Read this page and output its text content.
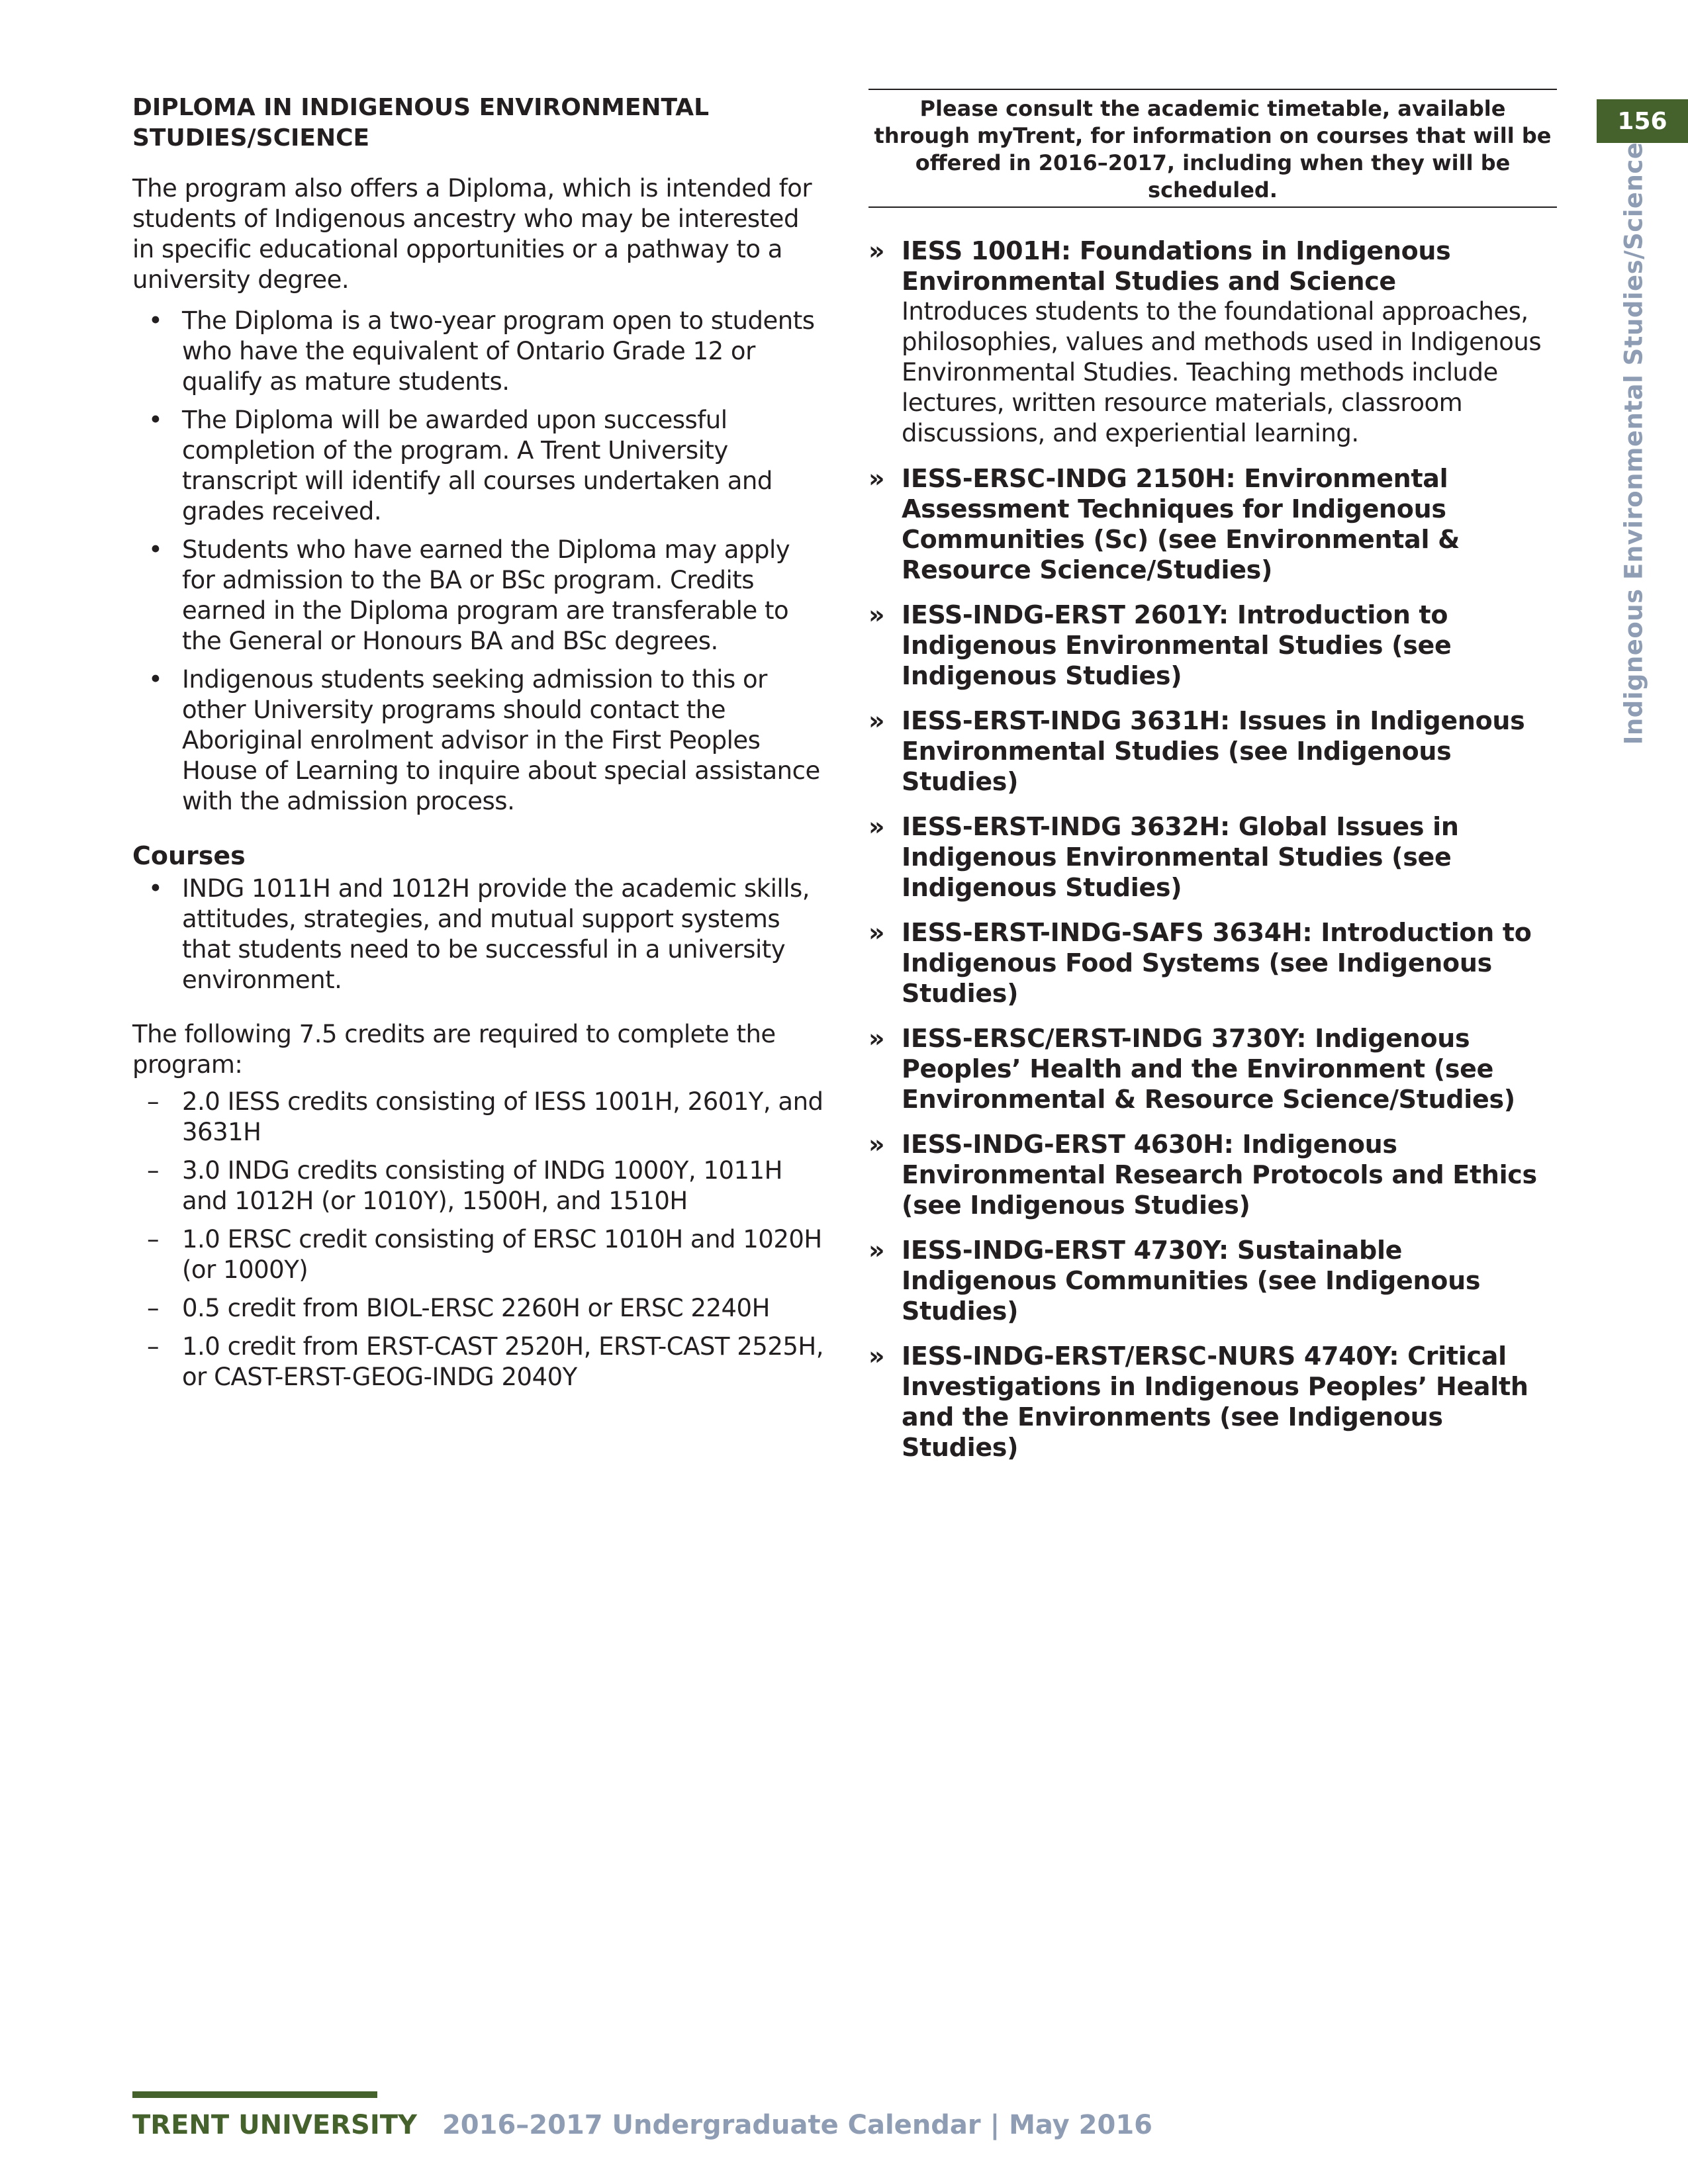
DIPLOMA IN INDIGENOUS ENVIRONMENTAL STUDIES/SCIENCE

The program also offers a Diploma, which is intended for students of Indigenous ancestry who may be interested in specific educational opportunities or a pathway to a university degree.

• The Diploma is a two-year program open to students who have the equivalent of Ontario Grade 12 or qualify as mature students.
• The Diploma will be awarded upon successful completion of the program. A Trent University transcript will identify all courses undertaken and grades received.
• Students who have earned the Diploma may apply for admission to the BA or BSc program. Credits earned in the Diploma program are transferable to the General or Honours BA and BSc degrees.
• Indigenous students seeking admission to this or other University programs should contact the Aboriginal enrolment advisor in the First Peoples House of Learning to inquire about special assistance with the admission process.
Courses
• INDG 1011H and 1012H provide the academic skills, attitudes, strategies, and mutual support systems that students need to be successful in a university environment.

The following 7.5 credits are required to complete the program:

– 2.0 IESS credits consisting of IESS 1001H, 2601Y, and 3631H
– 3.0 INDG credits consisting of INDG 1000Y, 1011H and 1012H (or 1010Y), 1500H, and 1510H
– 1.0 ERSC credit consisting of ERSC 1010H and 1020H (or 1000Y)
– 0.5 credit from BIOL-ERSC 2260H or ERSC 2240H
– 1.0 credit from ERST-CAST 2520H, ERST-CAST 2525H, or CAST-ERST-GEOG-INDG 2040Y
Please consult the academic timetable, available through myTrent, for information on courses that will be offered in 2016–2017, including when they will be scheduled.
» IESS 1001H: Foundations in Indigenous Environmental Studies and Science
Introduces students to the foundational approaches, philosophies, values and methods used in Indigenous Environmental Studies. Teaching methods include lectures, written resource materials, classroom discussions, and experiential learning.
» IESS-ERSC-INDG 2150H: Environmental Assessment Techniques for Indigenous Communities (Sc) (see Environmental & Resource Science/Studies)
» IESS-INDG-ERST 2601Y: Introduction to Indigenous Environmental Studies (see Indigenous Studies)
» IESS-ERST-INDG 3631H: Issues in Indigenous Environmental Studies (see Indigenous Studies)
» IESS-ERST-INDG 3632H: Global Issues in Indigenous Environmental Studies (see Indigenous Studies)
» IESS-ERST-INDG-SAFS 3634H: Introduction to Indigenous Food Systems (see Indigenous Studies)
» IESS-ERSC/ERST-INDG 3730Y: Indigenous Peoples’ Health and the Environment (see Environmental & Resource Science/Studies)
» IESS-INDG-ERST 4630H: Indigenous Environmental Research Protocols and Ethics (see Indigenous Studies)
» IESS-INDG-ERST 4730Y: Sustainable Indigenous Communities (see Indigenous Studies)
» IESS-INDG-ERST/ERSC-NURS 4740Y: Critical Investigations in Indigenous Peoples’ Health and the Environments (see Indigenous Studies)
156
Indigneous Environmental Studies/Science
TRENT UNIVERSITY 2016–2017 Undergraduate Calendar | May 2016
